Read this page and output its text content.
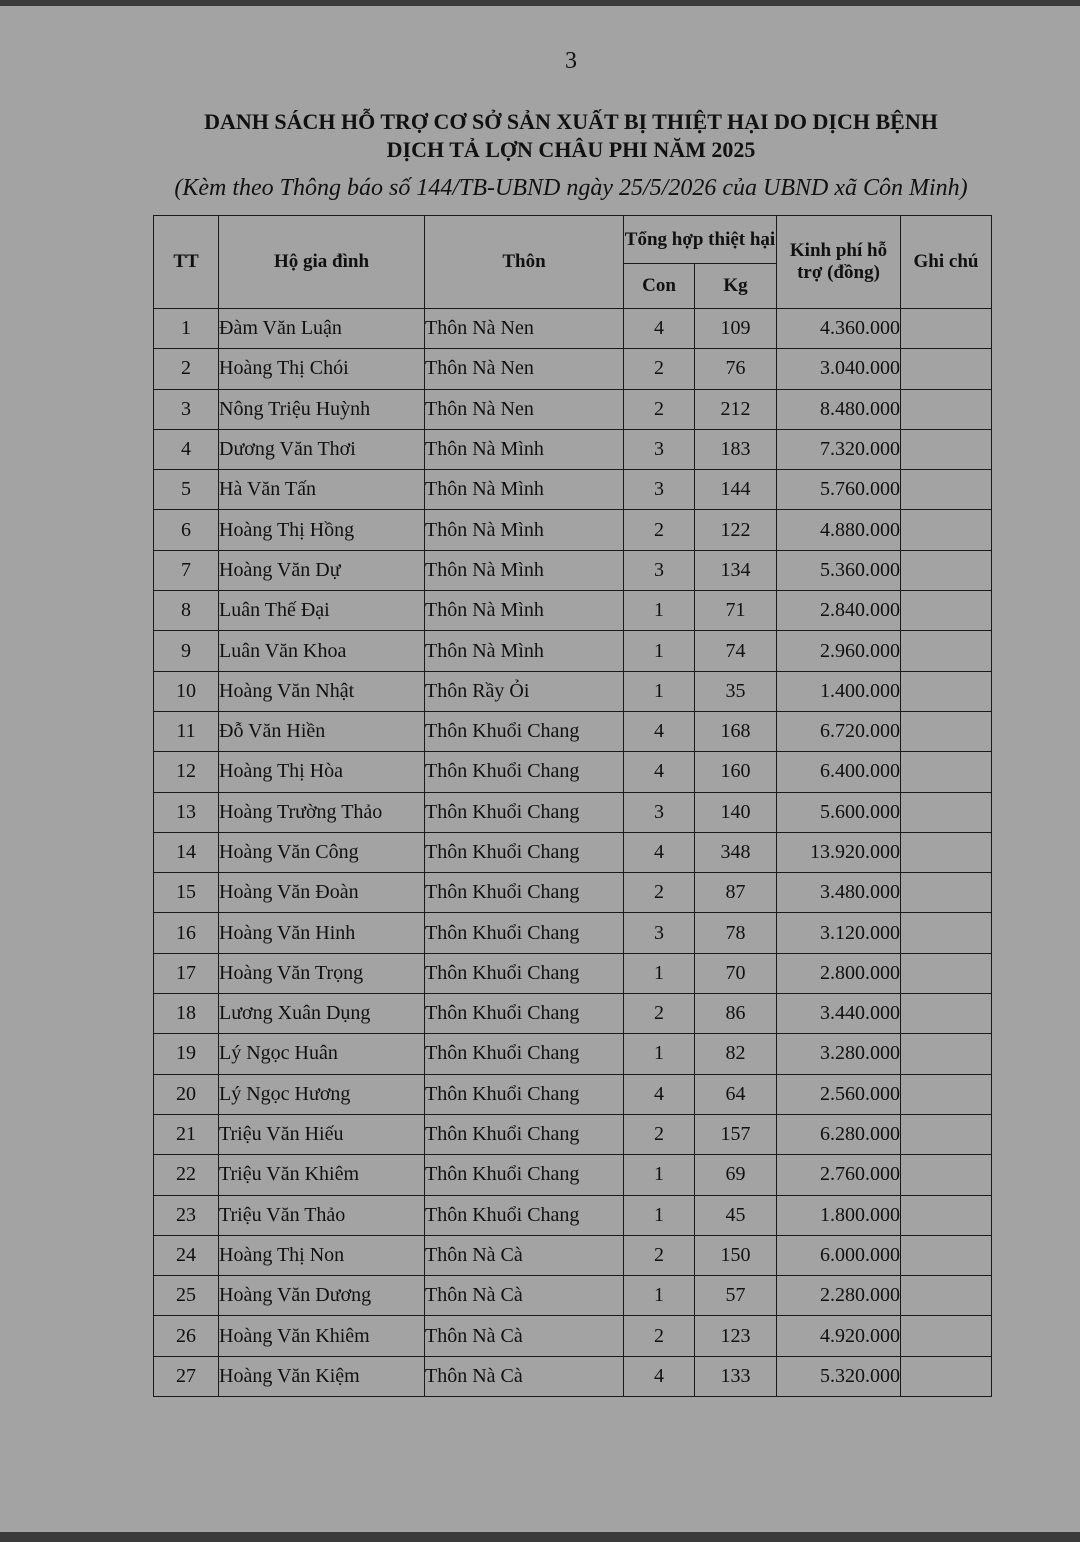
3
DANH SÁCH HỖ TRỢ CƠ SỞ SẢN XUẤT BỊ THIỆT HẠI DO DỊCH BỆNH
DỊCH TẢ LỢN CHÂU PHI NĂM 2025
(Kèm theo Thông báo số 144/TB-UBND ngày 25/5/2026 của UBND xã Côn Minh)
TT	Hộ gia đình	Thôn	Tổng hợp thiệt hại		Kinh phí hỗ trợ (đồng)	Ghi chú
			Con	Kg		
1	Đàm Văn Luận	Thôn Nà Nen	4	109	4.360.000	
2	Hoàng Thị Chói	Thôn Nà Nen	2	76	3.040.000	
3	Nông Triệu Huỳnh	Thôn Nà Nen	2	212	8.480.000	
4	Dương Văn Thơi	Thôn Nà Mình	3	183	7.320.000	
5	Hà Văn Tấn	Thôn Nà Mình	3	144	5.760.000	
6	Hoàng Thị Hồng	Thôn Nà Mình	2	122	4.880.000	
7	Hoàng Văn Dự	Thôn Nà Mình	3	134	5.360.000	
8	Luân Thế Đại	Thôn Nà Mình	1	71	2.840.000	
9	Luân Văn Khoa	Thôn Nà Mình	1	74	2.960.000	
10	Hoàng Văn Nhật	Thôn Rầy Ỏi	1	35	1.400.000	
11	Đỗ Văn Hiền	Thôn Khuổi Chang	4	168	6.720.000	
12	Hoàng Thị Hòa	Thôn Khuổi Chang	4	160	6.400.000	
13	Hoàng Trường Thảo	Thôn Khuổi Chang	3	140	5.600.000	
14	Hoàng Văn Công	Thôn Khuổi Chang	4	348	13.920.000	
15	Hoàng Văn Đoàn	Thôn Khuổi Chang	2	87	3.480.000	
16	Hoàng Văn Hinh	Thôn Khuổi Chang	3	78	3.120.000	
17	Hoàng Văn Trọng	Thôn Khuổi Chang	1	70	2.800.000	
18	Lương Xuân Dụng	Thôn Khuổi Chang	2	86	3.440.000	
19	Lý Ngọc Huân	Thôn Khuổi Chang	1	82	3.280.000	
20	Lý Ngọc Hương	Thôn Khuổi Chang	4	64	2.560.000	
21	Triệu Văn Hiếu	Thôn Khuổi Chang	2	157	6.280.000	
22	Triệu Văn Khiêm	Thôn Khuổi Chang	1	69	2.760.000	
23	Triệu Văn Thảo	Thôn Khuổi Chang	1	45	1.800.000	
24	Hoàng Thị Non	Thôn Nà Cà	2	150	6.000.000	
25	Hoàng Văn Dương	Thôn Nà Cà	1	57	2.280.000	
26	Hoàng Văn Khiêm	Thôn Nà Cà	2	123	4.920.000	
27	Hoàng Văn Kiệm	Thôn Nà Cà	4	133	5.320.000	
